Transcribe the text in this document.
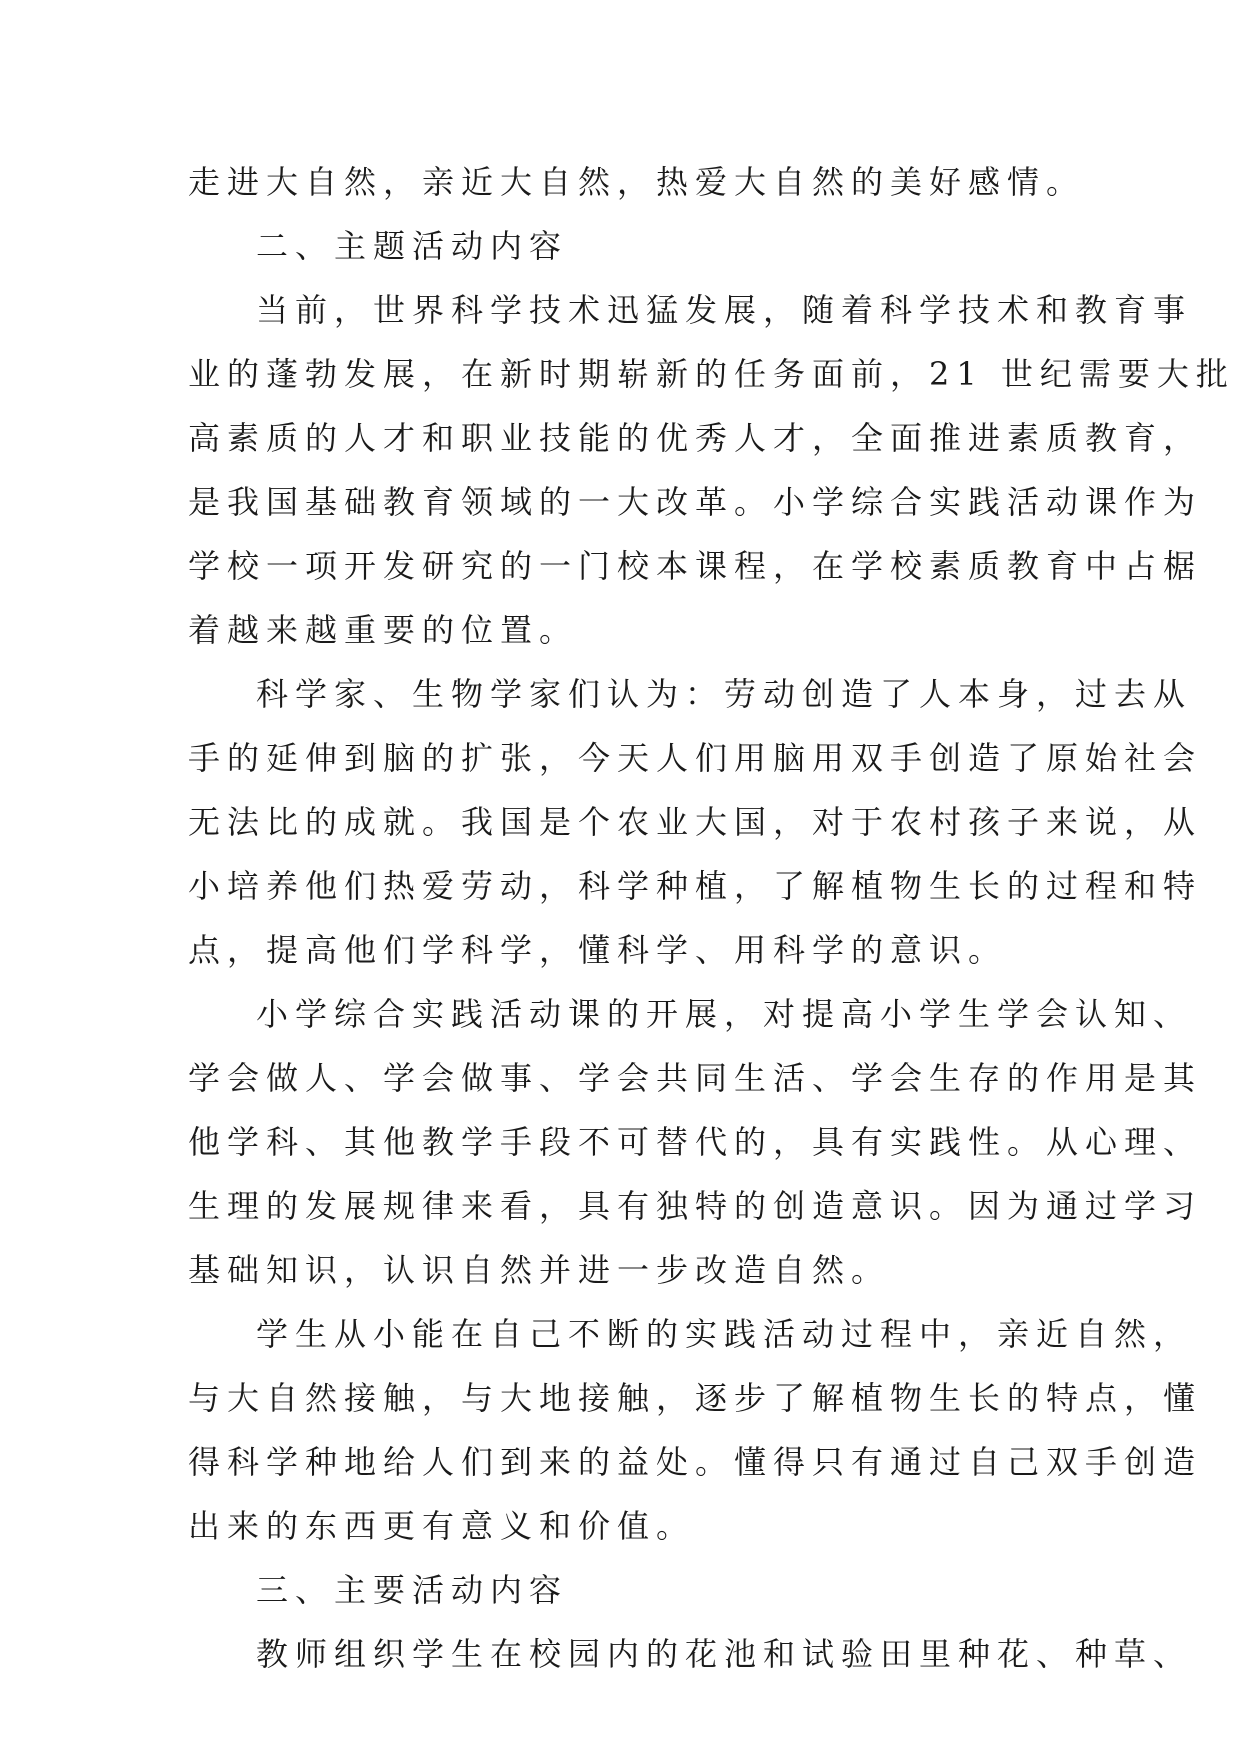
走进大自然，亲近大自然，热爱大自然的美好感情。
二、主题活动内容
当前，世界科学技术迅猛发展，随着科学技术和教育事
业的蓬勃发展，在新时期崭新的任务面前，21 世纪需要大批
高素质的人才和职业技能的优秀人才，全面推进素质教育，
是我国基础教育领域的一大改革。小学综合实践活动课作为
学校一项开发研究的一门校本课程，在学校素质教育中占椐
着越来越重要的位置。
科学家、生物学家们认为：劳动创造了人本身，过去从
手的延伸到脑的扩张，今天人们用脑用双手创造了原始社会
无法比的成就。我国是个农业大国，对于农村孩子来说，从
小培养他们热爱劳动，科学种植，了解植物生长的过程和特
点，提高他们学科学，懂科学、用科学的意识。
小学综合实践活动课的开展，对提高小学生学会认知、
学会做人、学会做事、学会共同生活、学会生存的作用是其
他学科、其他教学手段不可替代的，具有实践性。从心理、
生理的发展规律来看，具有独特的创造意识。因为通过学习
基础知识，认识自然并进一步改造自然。
学生从小能在自己不断的实践活动过程中，亲近自然，
与大自然接触，与大地接触，逐步了解植物生长的特点，懂
得科学种地给人们到来的益处。懂得只有通过自己双手创造
出来的东西更有意义和价值。
三、主要活动内容
教师组织学生在校园内的花池和试验田里种花、种草、
